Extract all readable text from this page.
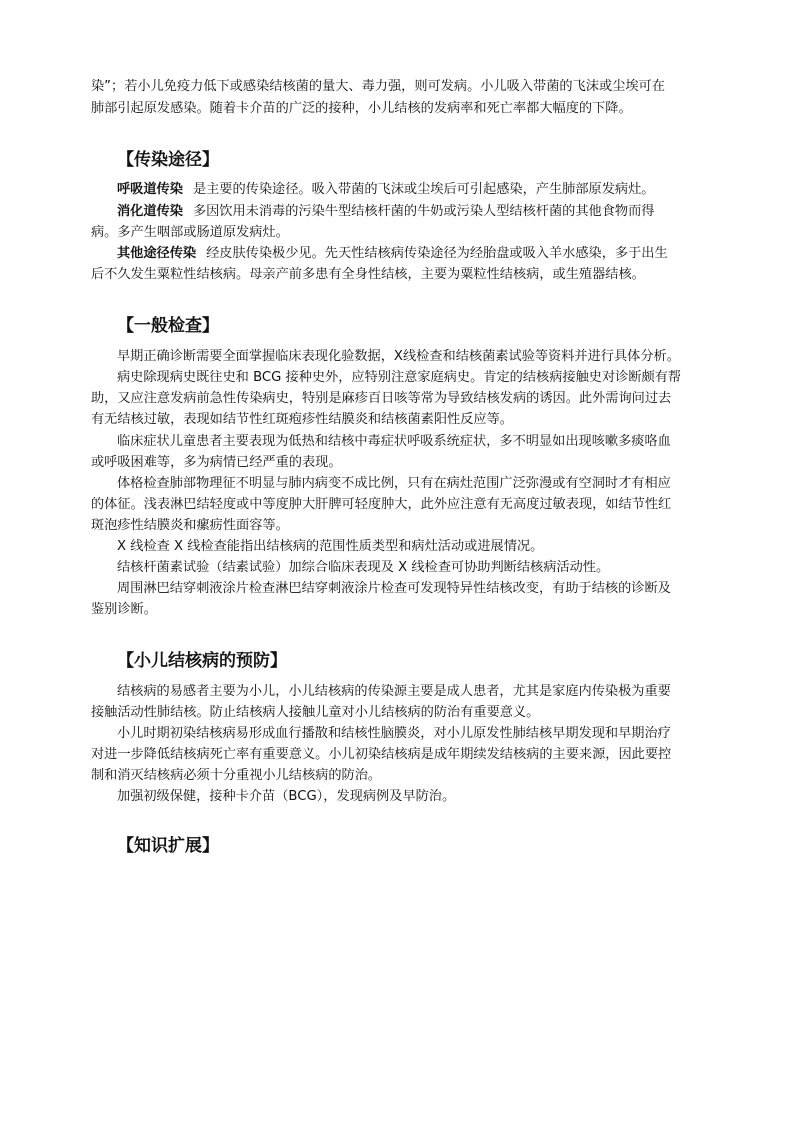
染”；若小儿免疫力低下或感染结核菌的量大、毒力强，则可发病。小儿吸入带菌的飞沫或尘埃可在
肺部引起原发感染。随着卡介苗的广泛的接种，小儿结核的发病率和死亡率都大幅度的下降。
【传染途径】
呼吸道传染 是主要的传染途径。吸入带菌的飞沫或尘埃后可引起感染，产生肺部原发病灶。
消化道传染 多因饮用未消毒的污染牛型结核杆菌的牛奶或污染人型结核杆菌的其他食物而得
病。多产生咽部或肠道原发病灶。
其他途径传染 经皮肤传染极少见。先天性结核病传染途径为经胎盘或吸入羊水感染，多于出生
后不久发生粟粒性结核病。母亲产前多患有全身性结核，主要为粟粒性结核病，或生殖器结核。
【一般检查】
早期正确诊断需要全面掌握临床表现化验数据，X线检查和结核菌素试验等资料并进行具体分析。
病史除现病史既往史和 BCG 接种史外，应特别注意家庭病史。肯定的结核病接触史对诊断颇有帮
助，又应注意发病前急性传染病史，特别是麻疹百日咳等常为导致结核发病的诱因。此外需询问过去
有无结核过敏，表现如结节性红斑疱疹性结膜炎和结核菌素阳性反应等。
临床症状儿童患者主要表现为低热和结核中毒症状呼吸系统症状，多不明显如出现咳嗽多痰咯血
或呼吸困难等，多为病情已经严重的表现。
体格检查肺部物理征不明显与肺内病变不成比例，只有在病灶范围广泛弥漫或有空洞时才有相应
的体征。浅表淋巴结轻度或中等度肿大肝脾可轻度肿大，此外应注意有无高度过敏表现，如结节性红
斑泡疹性结膜炎和瘰疬性面容等。
X 线检查 X 线检查能指出结核病的范围性质类型和病灶活动或进展情况。
结核杆菌素试验（结素试验）加综合临床表现及 X 线检查可协助判断结核病活动性。
周围淋巴结穿刺液涂片检查淋巴结穿刺液涂片检查可发现特异性结核改变，有助于结核的诊断及
鉴别诊断。
【小儿结核病的预防】
结核病的易感者主要为小儿，小儿结核病的传染源主要是成人患者，尤其是家庭内传染极为重要
接触活动性肺结核。防止结核病人接触儿童对小儿结核病的防治有重要意义。
小儿时期初染结核病易形成血行播散和结核性脑膜炎，对小儿原发性肺结核早期发现和早期治疗
对进一步降低结核病死亡率有重要意义。小儿初染结核病是成年期续发结核病的主要来源，因此要控
制和消灭结核病必须十分重视小儿结核病的防治。
加强初级保健，接种卡介苗（BCG），发现病例及早防治。
【知识扩展】
